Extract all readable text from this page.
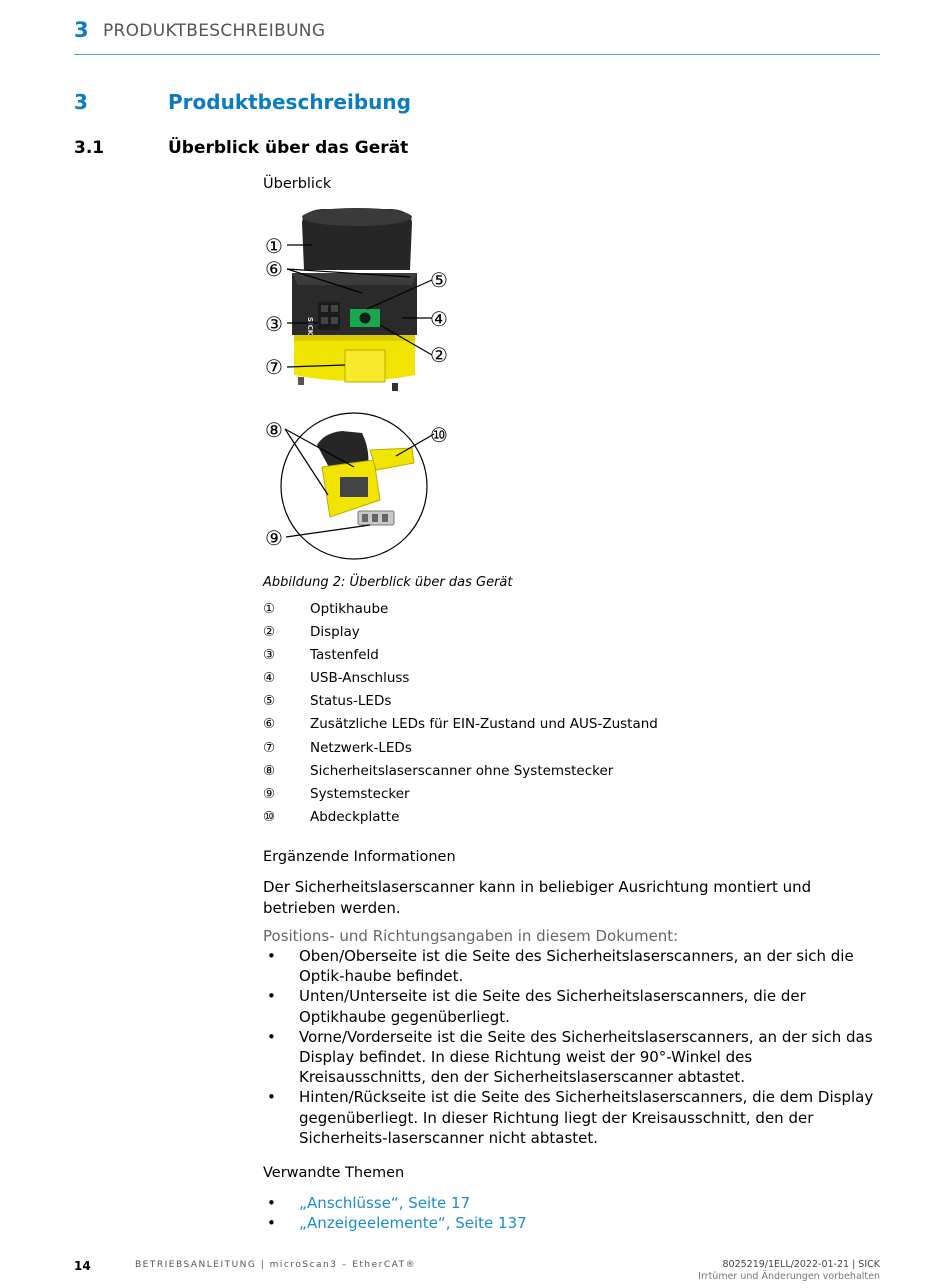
3 PRODUKTBESCHREIBUNG
3	Produktbeschreibung
3.1	Überblick über das Gerät
Überblick
SICK
①
⑥	⑤
③	④
②
⑦
⑧	⑩
⑨
Abbildung 2: Überblick über das Gerät
①	Optikhaube
②	Display
③	Tastenfeld
④	USB-Anschluss
⑤	Status-LEDs
⑥	Zusätzliche LEDs für EIN-Zustand und AUS-Zustand
⑦	Netzwerk-LEDs
⑧	Sicherheitslaserscanner ohne Systemstecker
⑨	Systemstecker
⑩	Abdeckplatte
Ergänzende Informationen
Der Sicherheitslaserscanner kann in beliebiger Ausrichtung montiert und betrieben werden.
Positions- und Richtungsangaben in diesem Dokument:
• Oben/Oberseite ist die Seite des Sicherheitslaserscanners, an der sich die Optik-haube befindet.
• Unten/Unterseite ist die Seite des Sicherheitslaserscanners, die der Optikhaube gegenüberliegt.
• Vorne/Vorderseite ist die Seite des Sicherheitslaserscanners, an der sich das Display befindet. In diese Richtung weist der 90°-Winkel des Kreisausschnitts, den der Sicherheitslaserscanner abtastet.
• Hinten/Rückseite ist die Seite des Sicherheitslaserscanners, die dem Display gegenüberliegt. In dieser Richtung liegt der Kreisausschnitt, den der Sicherheits-laserscanner nicht abtastet.
Verwandte Themen
• „Anschlüsse“, Seite 17
• „Anzeigeelemente“, Seite 137
14	BETRIEBSANLEITUNG | microScan3 – EtherCAT®	8025219/1ELL/2022-01-21 | SICK
Irrtümer und Änderungen vorbehalten
